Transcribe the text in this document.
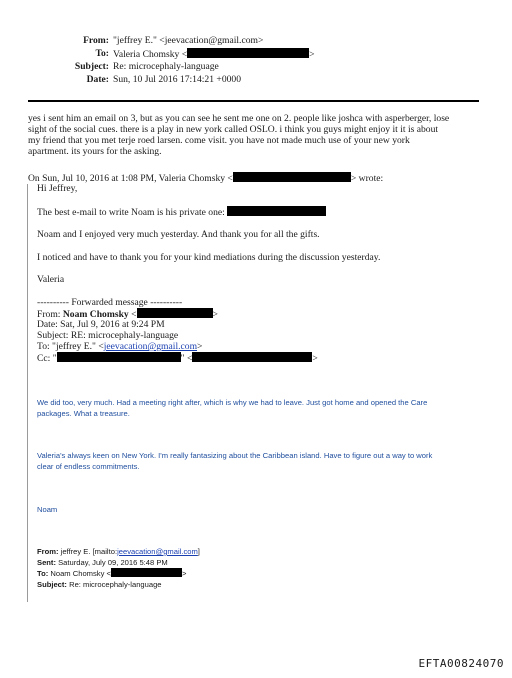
From: "jeffrey E." <jeevacation@gmail.com>
To: Valeria Chomsky <	>
Subject: Re: microcephaly-language
Date: Sun, 10 Jul 2016 17:14:21 +0000
yes i sent him an email on 3, but as you can see he sent me one on 2. people like joshca with asperberger, lose
sight of the social cues. there is a play in new york called OSLO. i think you guys might enjoy it it is about
my friend that you met terje roed larsen. come visit. you have not made much use of your new york
apartment. its yours for the asking.
On Sun, Jul 10, 2016 at 1:08 PM, Valeria Chomsky <	> wrote:
Hi Jeffrey,
The best e-mail to write Noam is his private one:
Noam and I enjoyed very much yesterday. And thank you for all the gifts.
I noticed and have to thank you for your kind mediations during the discussion yesterday.
Valeria
---------- Forwarded message ----------
From: Noam Chomsky <	>
Date: Sat, Jul 9, 2016 at 9:24 PM
Subject: RE: microcephaly-language
To: "jeffrey E." <jeevacation@gmail.com>
Cc: "	" <	>
We did too, very much. Had a meeting right after, which is why we had to leave. Just got home and opened the Care
packages. What a treasure.
Valeria's always keen on New York. I'm really fantasizing about the Caribbean island. Have to figure out a way to work
clear of endless commitments.
Noam
From: jeffrey E. [mailto:jeevacation@gmail.com]
Sent: Saturday, July 09, 2016 5:48 PM
To: Noam Chomsky <	>
Subject: Re: microcephaly-language
EFTA00824070
